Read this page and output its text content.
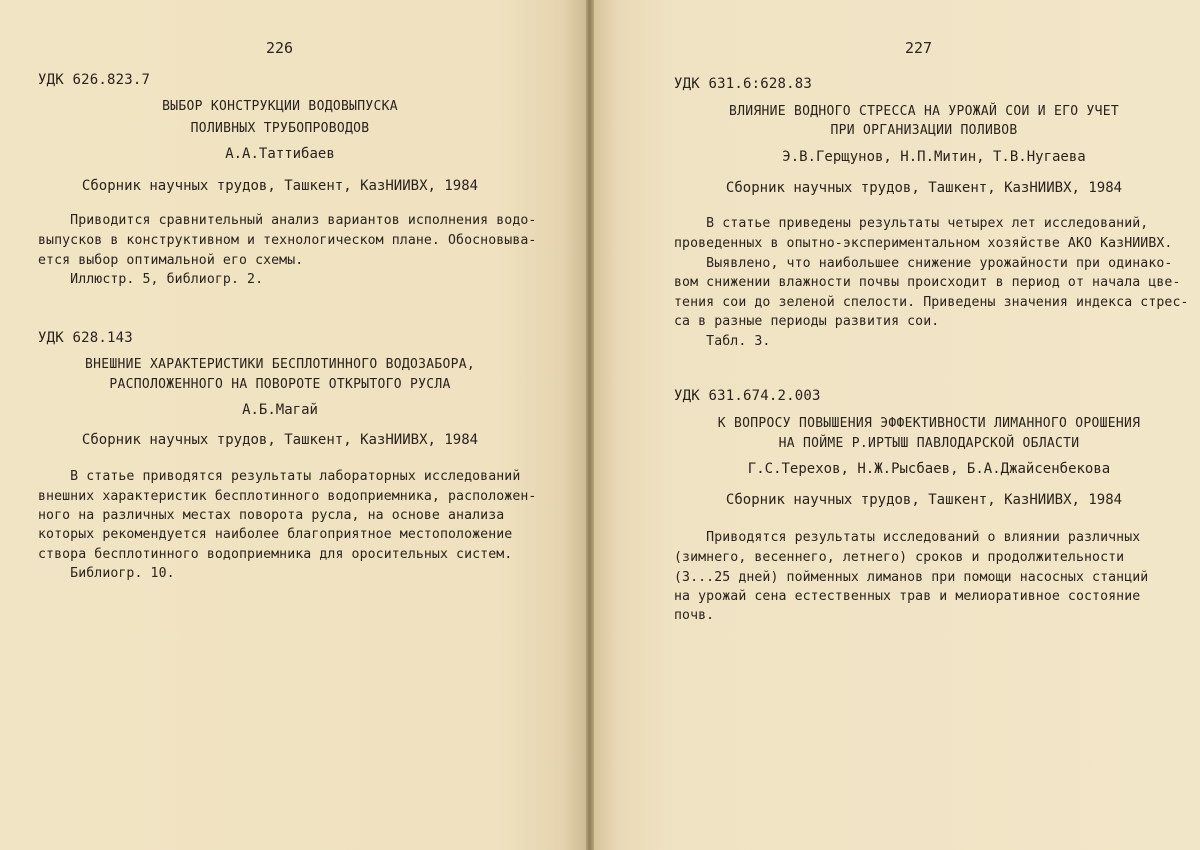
226
УДК 626.823.7
ВЫБОР КОНСТРУКЦИИ ВОДОВЫПУСКА
ПОЛИВНЫХ ТРУБОПРОВОДОВ
А.А.Таттибаев
Сборник научных трудов, Ташкент, КазНИИВХ, 1984
Приводится сравнительный анализ вариантов исполнения водо-
выпусков в конструктивном и технологическом плане. Обосновыва-
ется выбор оптимальной его схемы.
Иллюстр. 5, библиогр. 2.
УДК 628.143
ВНЕШНИЕ ХАРАКТЕРИСТИКИ БЕСПЛОТИННОГО ВОДОЗАБОРА,
РАСПОЛОЖЕННОГО НА ПОВОРОТЕ ОТКРЫТОГО РУСЛА
А.Б.Магай
Сборник научных трудов, Ташкент, КазНИИВХ, 1984
В статье приводятся результаты лабораторных исследований
внешних характеристик бесплотинного водоприемника, расположен-
ного на различных местах поворота русла, на основе анализа
которых рекомендуется наиболее благоприятное местоположение
створа бесплотинного водоприемника для оросительных систем.
Библиогр. 10.
227
УДК 631.6:628.83
ВЛИЯНИЕ ВОДНОГО СТРЕССА НА УРОЖАЙ СОИ И ЕГО УЧЕТ
ПРИ ОРГАНИЗАЦИИ ПОЛИВОВ
Э.В.Герщунов, Н.П.Митин, Т.В.Нугаева
Сборник научных трудов, Ташкент, КазНИИВХ, 1984
В статье приведены результаты четырех лет исследований,
проведенных в опытно-экспериментальном хозяйстве АКО КазНИИВХ.
Выявлено, что наибольшее снижение урожайности при одинако-
вом снижении влажности почвы происходит в период от начала цве-
тения сои до зеленой спелости. Приведены значения индекса стрес-
са в разные периоды развития сои.
Табл. 3.
УДК 631.674.2.003
К ВОПРОСУ ПОВЫШЕНИЯ ЭФФЕКТИВНОСТИ ЛИМАННОГО ОРОШЕНИЯ
НА ПОЙМЕ Р.ИРТЫШ ПАВЛОДАРСКОЙ ОБЛАСТИ
Г.С.Терехов, Н.Ж.Рысбаев, Б.А.Джайсенбекова
Сборник научных трудов, Ташкент, КазНИИВХ, 1984
Приводятся результаты исследований о влиянии различных
(зимнего, весеннего, летнего) сроков и продолжительности
(3...25 дней) пойменных лиманов при помощи насосных станций
на урожай сена естественных трав и мелиоративное состояние
почв.
